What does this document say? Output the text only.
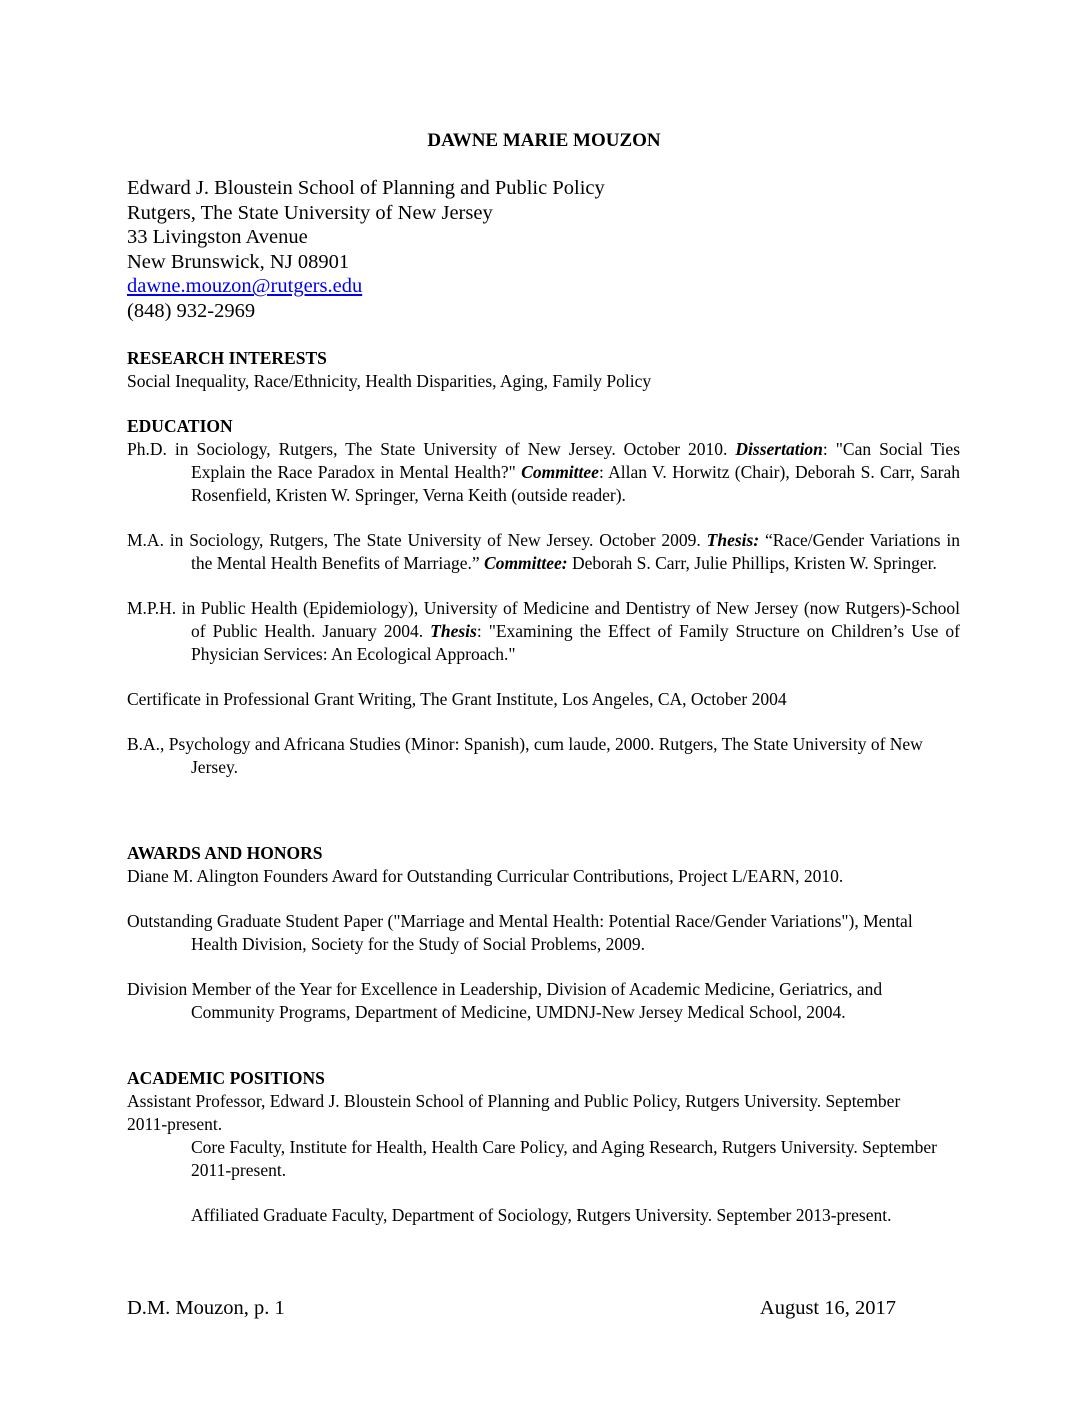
DAWNE MARIE MOUZON
Edward J. Bloustein School of Planning and Public Policy
Rutgers, The State University of New Jersey
33 Livingston Avenue
New Brunswick, NJ 08901
dawne.mouzon@rutgers.edu
(848) 932-2969
RESEARCH INTERESTS
Social Inequality, Race/Ethnicity, Health Disparities, Aging, Family Policy
EDUCATION
Ph.D. in Sociology, Rutgers, The State University of New Jersey. October 2010. Dissertation: "Can Social Ties Explain the Race Paradox in Mental Health?" Committee: Allan V. Horwitz (Chair), Deborah S. Carr, Sarah Rosenfield, Kristen W. Springer, Verna Keith (outside reader).
M.A. in Sociology, Rutgers, The State University of New Jersey. October 2009. Thesis: “Race/Gender Variations in the Mental Health Benefits of Marriage.” Committee: Deborah S. Carr, Julie Phillips, Kristen W. Springer.
M.P.H. in Public Health (Epidemiology), University of Medicine and Dentistry of New Jersey (now Rutgers)-School of Public Health. January 2004. Thesis: "Examining the Effect of Family Structure on Children’s Use of Physician Services: An Ecological Approach."
Certificate in Professional Grant Writing, The Grant Institute, Los Angeles, CA, October 2004
B.A., Psychology and Africana Studies (Minor: Spanish), cum laude, 2000. Rutgers, The State University of New Jersey.
AWARDS AND HONORS
Diane M. Alington Founders Award for Outstanding Curricular Contributions, Project L/EARN, 2010.
Outstanding Graduate Student Paper ("Marriage and Mental Health: Potential Race/Gender Variations"), Mental Health Division, Society for the Study of Social Problems, 2009.
Division Member of the Year for Excellence in Leadership, Division of Academic Medicine, Geriatrics, and Community Programs, Department of Medicine, UMDNJ-New Jersey Medical School, 2004.
ACADEMIC POSITIONS
Assistant Professor, Edward J. Bloustein School of Planning and Public Policy, Rutgers University. September 2011-present.
Core Faculty, Institute for Health, Health Care Policy, and Aging Research, Rutgers University. September 2011-present.
Affiliated Graduate Faculty, Department of Sociology, Rutgers University. September 2013-present.
D.M. Mouzon, p. 1	August 16, 2017
